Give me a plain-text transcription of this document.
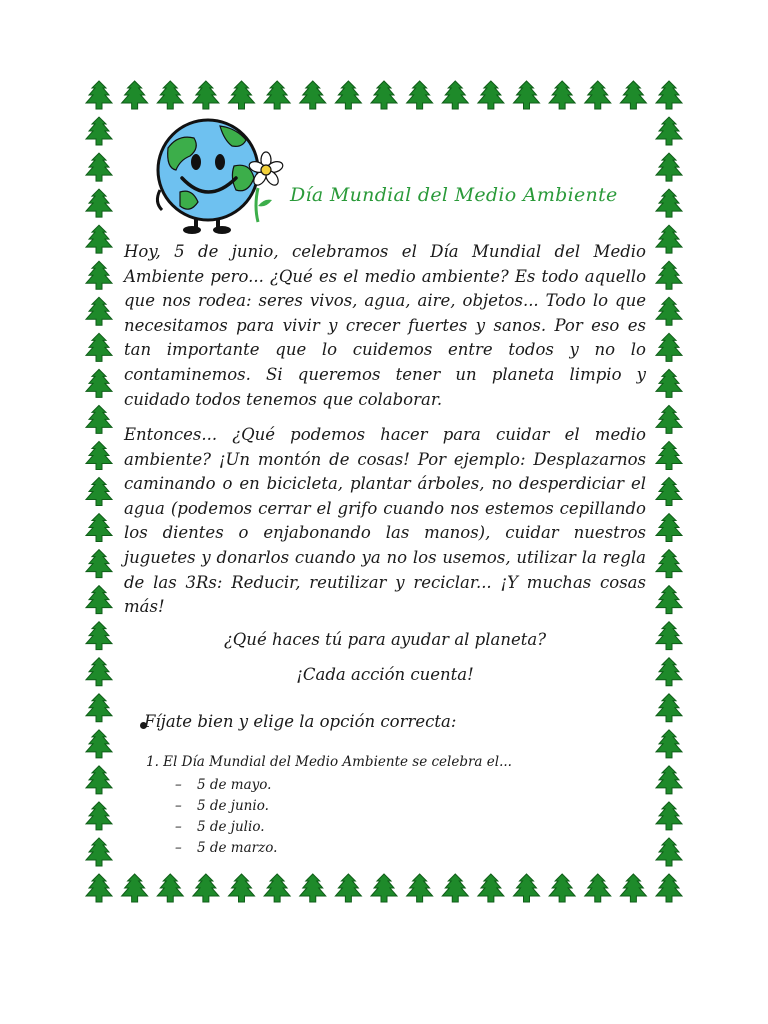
Día Mundial del Medio Ambiente
Hoy, 5 de junio, celebramos el Día Mundial del Medio Ambiente pero... ¿Qué es el medio ambiente? Es todo aquello que nos rodea: seres vivos, agua, aire, objetos... Todo lo que necesitamos para vivir y crecer fuertes y sanos. Por eso es tan importante que lo cuidemos entre todos y no lo contaminemos. Si queremos tener un planeta limpio y cuidado todos tenemos que colaborar.
Entonces... ¿Qué podemos hacer para cuidar el medio ambiente? ¡Un montón de cosas! Por ejemplo: Desplazarnos caminando o en bicicleta, plantar árboles, no desperdiciar el agua (podemos cerrar el grifo cuando nos estemos cepillando los dientes o enjabonando las manos), cuidar nuestros juguetes y donarlos cuando ya no los usemos, utilizar la regla de las 3Rs: Reducir, reutilizar y reciclar... ¡Y muchas cosas más!
¿Qué haces tú para ayudar al planeta?
¡Cada acción cuenta!
Fíjate bien y elige la opción correcta:
1. El Día Mundial del Medio Ambiente se celebra el...
– 5 de mayo.
– 5 de junio.
– 5 de julio.
– 5 de marzo.
